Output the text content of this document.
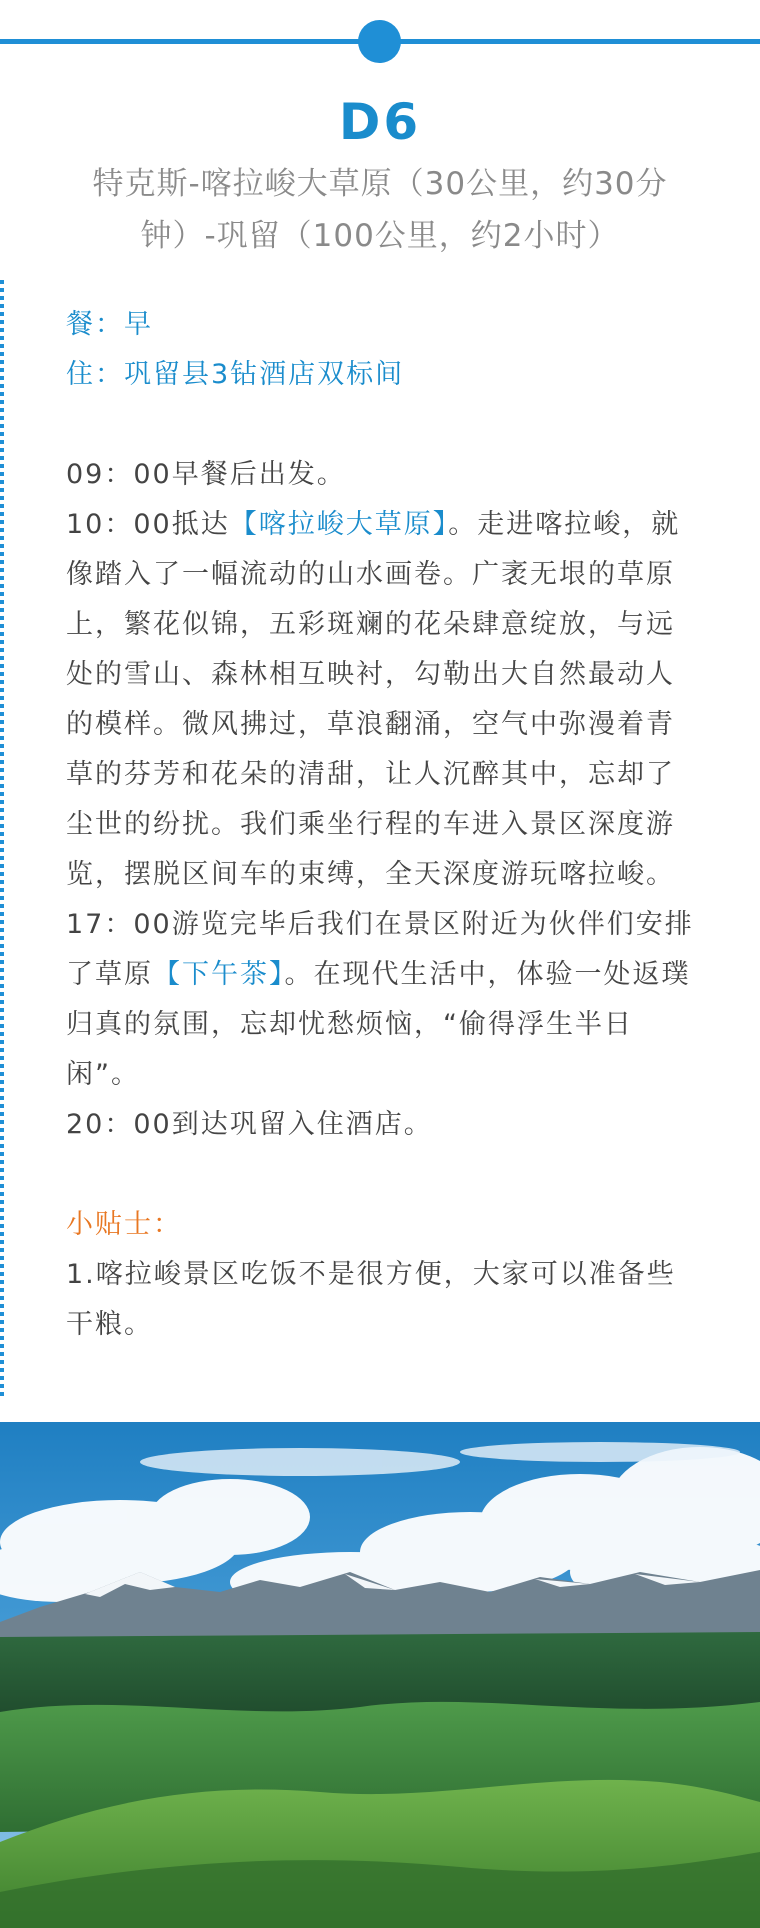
D6
特克斯-喀拉峻大草原（30公里，约30分钟）-巩留（100公里，约2小时）
餐：早
住：巩留县3钻酒店双标间
09：00早餐后出发。
10：00抵达【喀拉峻大草原】。走进喀拉峻，就像踏入了一幅流动的山水画卷。广袤无垠的草原上，繁花似锦，五彩斑斓的花朵肆意绽放，与远处的雪山、森林相互映衬，勾勒出大自然最动人的模样。微风拂过，草浪翻涌，空气中弥漫着青草的芬芳和花朵的清甜，让人沉醉其中，忘却了尘世的纷扰。我们乘坐行程的车进入景区深度游览，摆脱区间车的束缚，全天深度游玩喀拉峻。
17：00游览完毕后我们在景区附近为伙伴们安排了草原【下午茶】。在现代生活中，体验一处返璞归真的氛围，忘却忧愁烦恼，“偷得浮生半日闲”。
20：00到达巩留入住酒店。
小贴士：
1.喀拉峻景区吃饭不是很方便，大家可以准备些干粮。
